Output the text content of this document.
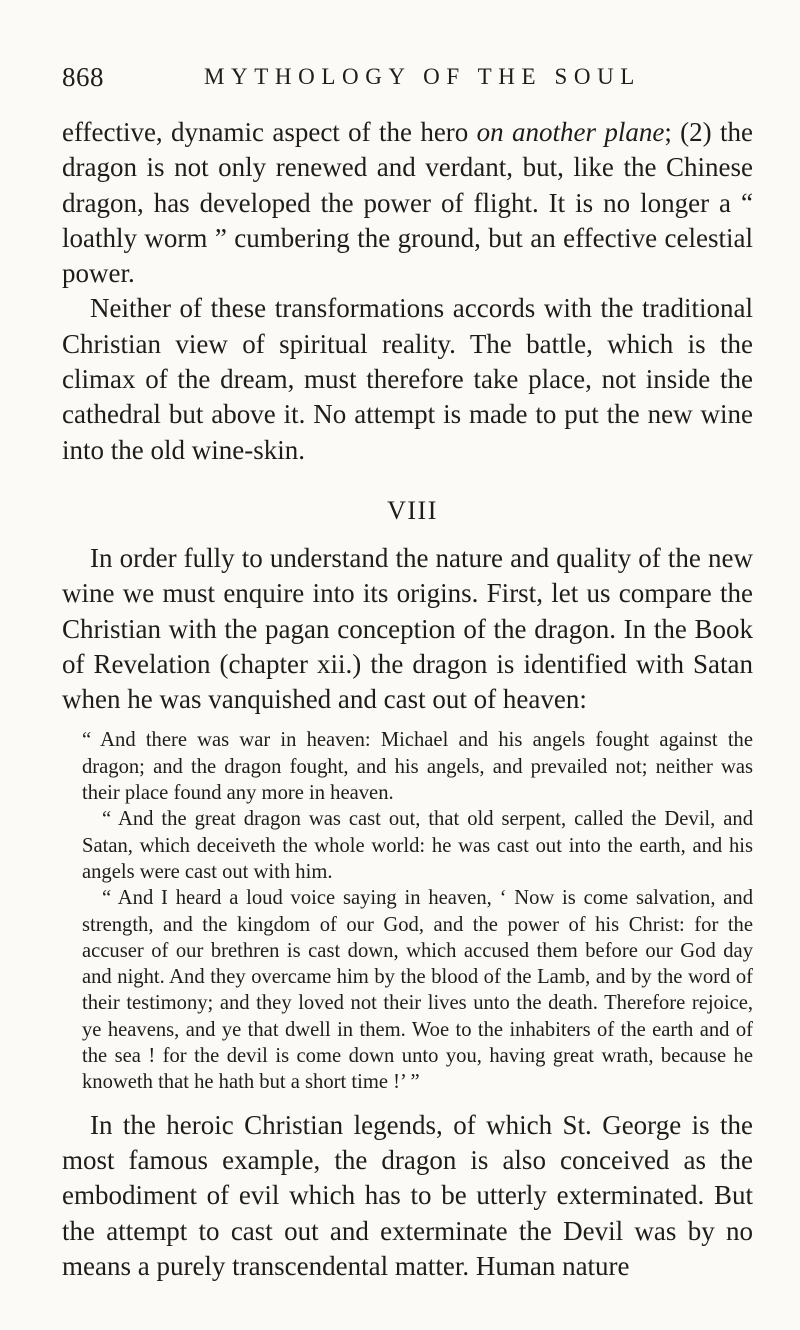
868	MYTHOLOGY OF THE SOUL

effective, dynamic aspect of the hero on another plane; (2) the dragon is not only renewed and verdant, but, like the Chinese dragon, has developed the power of flight. It is no longer a “ loathly worm ” cumbering the ground, but an effective celestial power.

Neither of these transformations accords with the traditional Christian view of spiritual reality. The battle, which is the climax of the dream, must therefore take place, not inside the cathedral but above it. No attempt is made to put the new wine into the old wine-skin.

VIII

In order fully to understand the nature and quality of the new wine we must enquire into its origins. First, let us compare the Christian with the pagan conception of the dragon. In the Book of Revelation (chapter xii.) the dragon is identified with Satan when he was vanquished and cast out of heaven:

“ And there was war in heaven: Michael and his angels fought against the dragon; and the dragon fought, and his angels, and prevailed not; neither was their place found any more in heaven.

“ And the great dragon was cast out, that old serpent, called the Devil, and Satan, which deceiveth the whole world: he was cast out into the earth, and his angels were cast out with him.

“ And I heard a loud voice saying in heaven, ‘ Now is come salvation, and strength, and the kingdom of our God, and the power of his Christ: for the accuser of our brethren is cast down, which accused them before our God day and night. And they overcame him by the blood of the Lamb, and by the word of their testimony; and they loved not their lives unto the death. Therefore rejoice, ye heavens, and ye that dwell in them. Woe to the inhabiters of the earth and of the sea ! for the devil is come down unto you, having great wrath, because he knoweth that he hath but a short time !’ ”

In the heroic Christian legends, of which St. George is the most famous example, the dragon is also conceived as the embodiment of evil which has to be utterly exterminated. But the attempt to cast out and exterminate the Devil was by no means a purely transcendental matter. Human nature
